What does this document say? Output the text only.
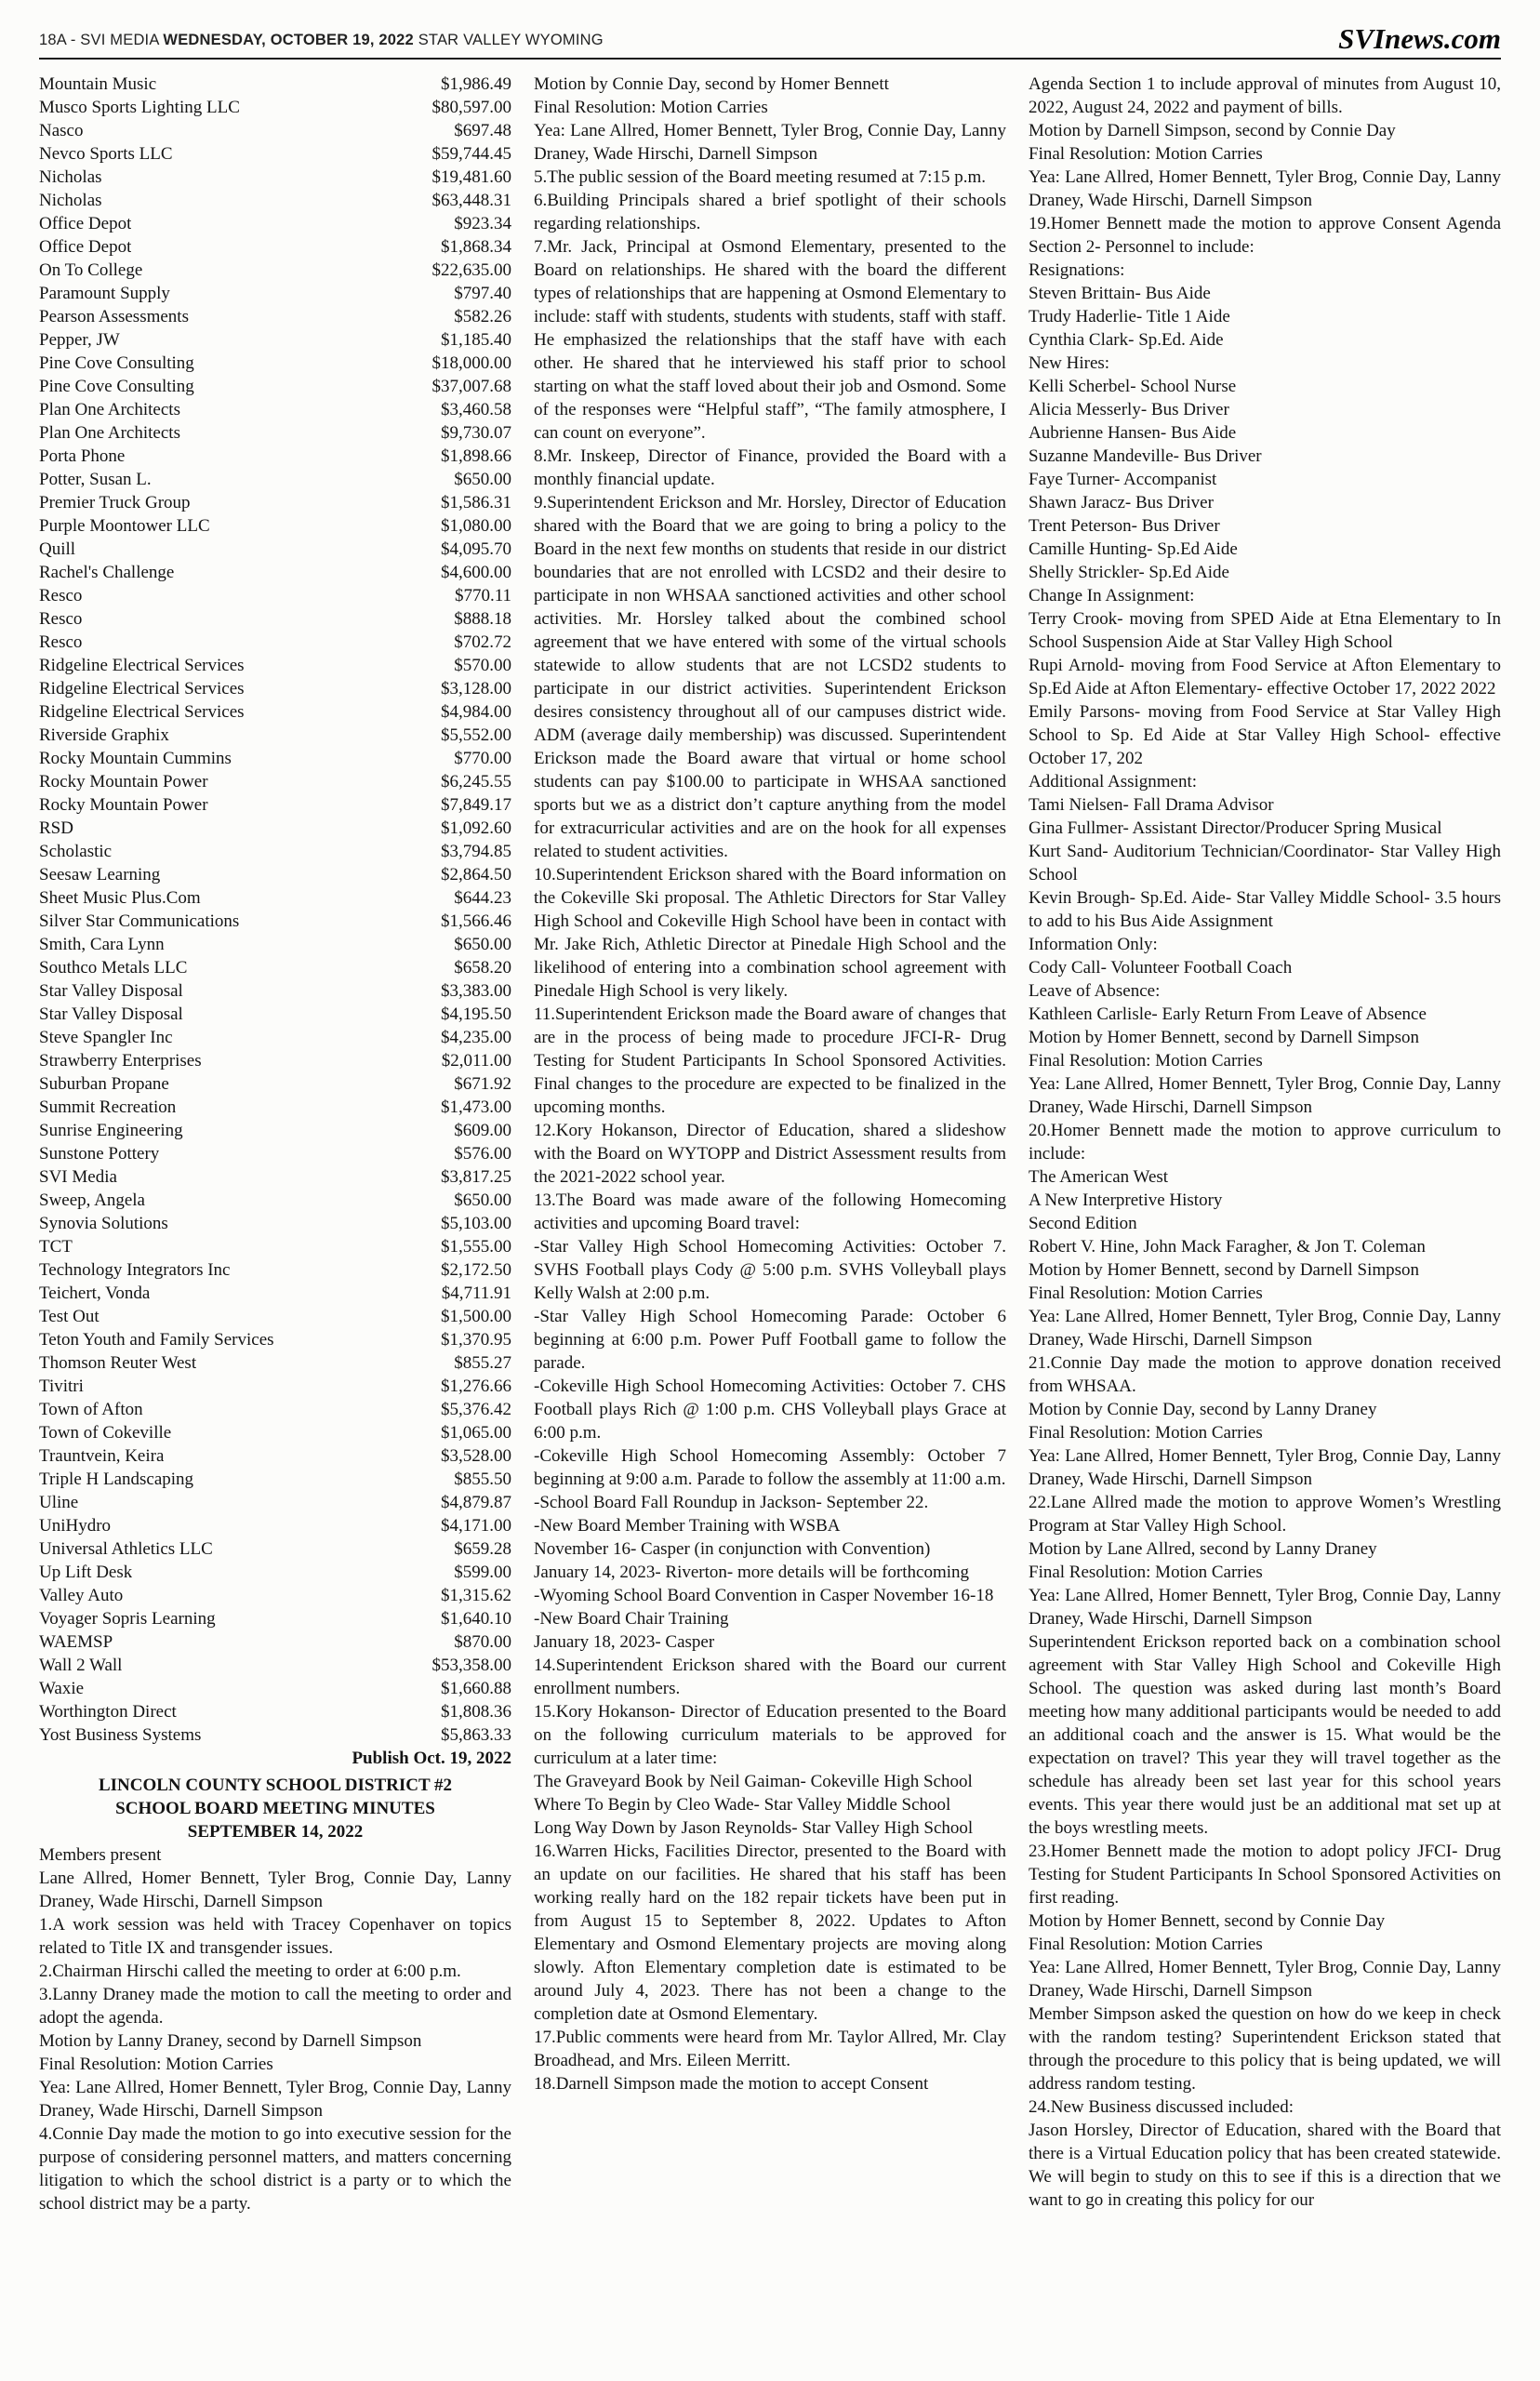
18A - SVI MEDIA WEDNESDAY, OCTOBER 19, 2022 STAR VALLEY WYOMING	SVInews.com
Mountain Music	$1,986.49
Musco Sports Lighting LLC	$80,597.00
Nasco	$697.48
Nevco Sports LLC	$59,744.45
Nicholas	$19,481.60
Nicholas	$63,448.31
Office Depot	$923.34
Office Depot	$1,868.34
On To College	$22,635.00
Paramount Supply	$797.40
Pearson Assessments	$582.26
Pepper, JW	$1,185.40
Pine Cove Consulting	$18,000.00
Pine Cove Consulting	$37,007.68
Plan One Architects	$3,460.58
Plan One Architects	$9,730.07
Porta Phone	$1,898.66
Potter, Susan L.	$650.00
Premier Truck Group	$1,586.31
Purple Moontower LLC	$1,080.00
Quill	$4,095.70
Rachel's Challenge	$4,600.00
Resco	$770.11
Resco	$888.18
Resco	$702.72
Ridgeline Electrical Services	$570.00
Ridgeline Electrical Services	$3,128.00
Ridgeline Electrical Services	$4,984.00
Riverside Graphix	$5,552.00
Rocky Mountain Cummins	$770.00
Rocky Mountain Power	$6,245.55
Rocky Mountain Power	$7,849.17
RSD	$1,092.60
Scholastic	$3,794.85
Seesaw Learning	$2,864.50
Sheet Music Plus.Com	$644.23
Silver Star Communications	$1,566.46
Smith, Cara Lynn	$650.00
Southco Metals LLC	$658.20
Star Valley Disposal	$3,383.00
Star Valley Disposal	$4,195.50
Steve Spangler Inc	$4,235.00
Strawberry Enterprises	$2,011.00
Suburban Propane	$671.92
Summit Recreation	$1,473.00
Sunrise Engineering	$609.00
Sunstone Pottery	$576.00
SVI Media	$3,817.25
Sweep, Angela	$650.00
Synovia Solutions	$5,103.00
TCT	$1,555.00
Technology Integrators Inc	$2,172.50
Teichert, Vonda	$4,711.91
Test Out	$1,500.00
Teton Youth and Family Services	$1,370.95
Thomson Reuter West	$855.27
Tivitri	$1,276.66
Town of Afton	$5,376.42
Town of Cokeville	$1,065.00
Trauntvein, Keira	$3,528.00
Triple H Landscaping	$855.50
Uline	$4,879.87
UniHydro	$4,171.00
Universal Athletics LLC	$659.28
Up Lift Desk	$599.00
Valley Auto	$1,315.62
Voyager Sopris Learning	$1,640.10
WAEMSP	$870.00
Wall 2 Wall	$53,358.00
Waxie	$1,660.88
Worthington Direct	$1,808.36
Yost Business Systems	$5,863.33
Publish Oct. 19, 2022
LINCOLN COUNTY SCHOOL DISTRICT #2
SCHOOL BOARD MEETING MINUTES
SEPTEMBER 14, 2022
Members present
Lane Allred, Homer Bennett, Tyler Brog, Connie Day, Lanny Draney, Wade Hirschi, Darnell Simpson
1.A work session was held with Tracey Copenhaver on topics related to Title IX and transgender issues.
2.Chairman Hirschi called the meeting to order at 6:00 p.m.
3.Lanny Draney made the motion to call the meeting to order and adopt the agenda.
Motion by Lanny Draney, second by Darnell Simpson
Final Resolution: Motion Carries
Yea: Lane Allred, Homer Bennett, Tyler Brog, Connie Day, Lanny Draney, Wade Hirschi, Darnell Simpson
4.Connie Day made the motion to go into executive session for the purpose of considering personnel matters, and matters concerning litigation to which the school district is a party or to which the school district may be a party.
Motion by Connie Day, second by Homer Bennett
Final Resolution: Motion Carries
Yea: Lane Allred, Homer Bennett, Tyler Brog, Connie Day, Lanny Draney, Wade Hirschi, Darnell Simpson
5.The public session of the Board meeting resumed at 7:15 p.m.
6.Building Principals shared a brief spotlight of their schools regarding relationships.
7.Mr. Jack, Principal at Osmond Elementary, presented to the Board on relationships. He shared with the board the different types of relationships that are happening at Osmond Elementary to include: staff with students, students with students, staff with staff. He emphasized the relationships that the staff have with each other. He shared that he interviewed his staff prior to school starting on what the staff loved about their job and Osmond. Some of the responses were “Helpful staff”, “The family atmosphere, I can count on everyone”.
8.Mr. Inskeep, Director of Finance, provided the Board with a monthly financial update.
9.Superintendent Erickson and Mr. Horsley, Director of Education shared with the Board that we are going to bring a policy to the Board in the next few months on students that reside in our district boundaries that are not enrolled with LCSD2 and their desire to participate in non WHSAA sanctioned activities and other school activities. Mr. Horsley talked about the combined school agreement that we have entered with some of the virtual schools statewide to allow students that are not LCSD2 students to participate in our district activities. Superintendent Erickson desires consistency throughout all of our campuses district wide. ADM (average daily membership) was discussed. Superintendent Erickson made the Board aware that virtual or home school students can pay $100.00 to participate in WHSAA sanctioned sports but we as a district don’t capture anything from the model for extracurricular activities and are on the hook for all expenses related to student activities.
10.Superintendent Erickson shared with the Board information on the Cokeville Ski proposal. The Athletic Directors for Star Valley High School and Cokeville High School have been in contact with Mr. Jake Rich, Athletic Director at Pinedale High School and the likelihood of entering into a combination school agreement with Pinedale High School is very likely.
11.Superintendent Erickson made the Board aware of changes that are in the process of being made to procedure JFCI-R- Drug Testing for Student Participants In School Sponsored Activities. Final changes to the procedure are expected to be finalized in the upcoming months.
12.Kory Hokanson, Director of Education, shared a slideshow with the Board on WYTOPP and District Assessment results from the 2021-2022 school year.
13.The Board was made aware of the following Homecoming activities and upcoming Board travel:
-Star Valley High School Homecoming Activities: October 7. SVHS Football plays Cody @ 5:00 p.m. SVHS Volleyball plays Kelly Walsh at 2:00 p.m.
-Star Valley High School Homecoming Parade: October 6 beginning at 6:00 p.m. Power Puff Football game to follow the parade.
-Cokeville High School Homecoming Activities: October 7. CHS Football plays Rich @ 1:00 p.m. CHS Volleyball plays Grace at 6:00 p.m.
-Cokeville High School Homecoming Assembly: October 7 beginning at 9:00 a.m. Parade to follow the assembly at 11:00 a.m.
-School Board Fall Roundup in Jackson- September 22.
-New Board Member Training with WSBA
November 16- Casper (in conjunction with Convention)
January 14, 2023- Riverton- more details will be forthcoming
-Wyoming School Board Convention in Casper November 16-18
-New Board Chair Training
January 18, 2023- Casper
14.Superintendent Erickson shared with the Board our current enrollment numbers.
15.Kory Hokanson- Director of Education presented to the Board on the following curriculum materials to be approved for curriculum at a later time:
The Graveyard Book by Neil Gaiman- Cokeville High School
Where To Begin by Cleo Wade- Star Valley Middle School
Long Way Down by Jason Reynolds- Star Valley High School
16.Warren Hicks, Facilities Director, presented to the Board with an update on our facilities. He shared that his staff has been working really hard on the 182 repair tickets have been put in from August 15 to September 8, 2022. Updates to Afton Elementary and Osmond Elementary projects are moving along slowly. Afton Elementary completion date is estimated to be around July 4, 2023. There has not been a change to the completion date at Osmond Elementary.
17.Public comments were heard from Mr. Taylor Allred, Mr. Clay Broadhead, and Mrs. Eileen Merritt.
18.Darnell Simpson made the motion to accept Consent
Agenda Section 1 to include approval of minutes from August 10, 2022, August 24, 2022 and payment of bills.
Motion by Darnell Simpson, second by Connie Day
Final Resolution: Motion Carries
Yea: Lane Allred, Homer Bennett, Tyler Brog, Connie Day, Lanny Draney, Wade Hirschi, Darnell Simpson
19.Homer Bennett made the motion to approve Consent Agenda Section 2- Personnel to include:
Resignations:
Steven Brittain- Bus Aide
Trudy Haderlie- Title 1 Aide
Cynthia Clark- Sp.Ed. Aide
New Hires:
Kelli Scherbel- School Nurse
Alicia Messerly- Bus Driver
Aubrienne Hansen- Bus Aide
Suzanne Mandeville- Bus Driver
Faye Turner- Accompanist
Shawn Jaracz- Bus Driver
Trent Peterson- Bus Driver
Camille Hunting- Sp.Ed Aide
Shelly Strickler- Sp.Ed Aide
Change In Assignment:
Terry Crook- moving from SPED Aide at Etna Elementary to In School Suspension Aide at Star Valley High School
Rupi Arnold- moving from Food Service at Afton Elementary to Sp.Ed Aide at Afton Elementary- effective October 17, 2022 2022
Emily Parsons- moving from Food Service at Star Valley High School to Sp. Ed Aide at Star Valley High School- effective October 17, 202
Additional Assignment:
Tami Nielsen- Fall Drama Advisor
Gina Fullmer- Assistant Director/Producer Spring Musical
Kurt Sand- Auditorium Technician/Coordinator- Star Valley High School
Kevin Brough- Sp.Ed. Aide- Star Valley Middle School- 3.5 hours to add to his Bus Aide Assignment
Information Only:
Cody Call- Volunteer Football Coach
Leave of Absence:
Kathleen Carlisle- Early Return From Leave of Absence
Motion by Homer Bennett, second by Darnell Simpson
Final Resolution: Motion Carries
Yea: Lane Allred, Homer Bennett, Tyler Brog, Connie Day, Lanny Draney, Wade Hirschi, Darnell Simpson
20.Homer Bennett made the motion to approve curriculum to include:
The American West
A New Interpretive History
Second Edition
Robert V. Hine, John Mack Faragher, & Jon T. Coleman
Motion by Homer Bennett, second by Darnell Simpson
Final Resolution: Motion Carries
Yea: Lane Allred, Homer Bennett, Tyler Brog, Connie Day, Lanny Draney, Wade Hirschi, Darnell Simpson
21.Connie Day made the motion to approve donation received from WHSAA.
Motion by Connie Day, second by Lanny Draney
Final Resolution: Motion Carries
Yea: Lane Allred, Homer Bennett, Tyler Brog, Connie Day, Lanny Draney, Wade Hirschi, Darnell Simpson
22.Lane Allred made the motion to approve Women’s Wrestling Program at Star Valley High School.
Motion by Lane Allred, second by Lanny Draney
Final Resolution: Motion Carries
Yea: Lane Allred, Homer Bennett, Tyler Brog, Connie Day, Lanny Draney, Wade Hirschi, Darnell Simpson
Superintendent Erickson reported back on a combination school agreement with Star Valley High School and Cokeville High School. The question was asked during last month’s Board meeting how many additional participants would be needed to add an additional coach and the answer is 15. What would be the expectation on travel? This year they will travel together as the schedule has already been set last year for this school years events. This year there would just be an additional mat set up at the boys wrestling meets.
23.Homer Bennett made the motion to adopt policy JFCI- Drug Testing for Student Participants In School Sponsored Activities on first reading.
Motion by Homer Bennett, second by Connie Day
Final Resolution: Motion Carries
Yea: Lane Allred, Homer Bennett, Tyler Brog, Connie Day, Lanny Draney, Wade Hirschi, Darnell Simpson
Member Simpson asked the question on how do we keep in check with the random testing? Superintendent Erickson stated that through the procedure to this policy that is being updated, we will address random testing.
24.New Business discussed included:
Jason Horsley, Director of Education, shared with the Board that there is a Virtual Education policy that has been created statewide. We will begin to study on this to see if this is a direction that we want to go in creating this policy for our
